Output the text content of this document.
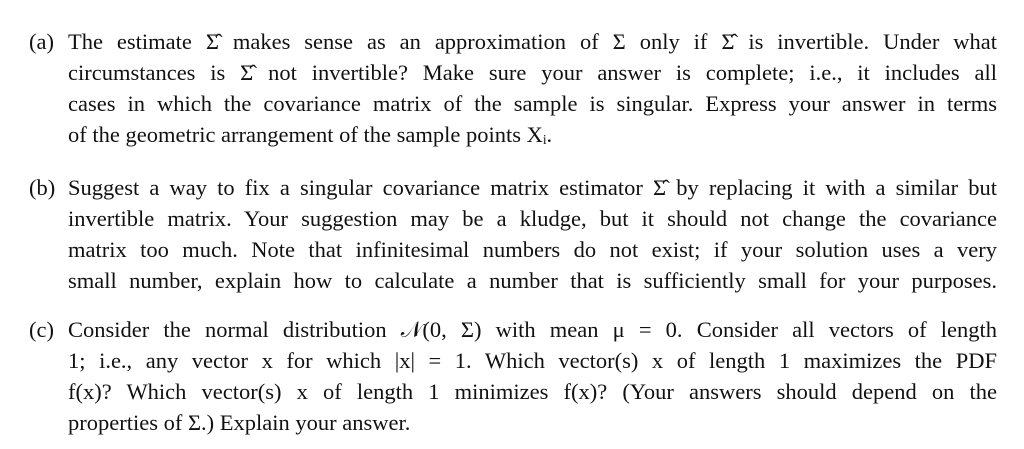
(a) The estimate Σ̂ makes sense as an approximation of Σ only if Σ̂ is invertible. Under what
circumstances is Σ̂ not invertible? Make sure your answer is complete; i.e., it includes all
cases in which the covariance matrix of the sample is singular. Express your answer in terms
of the geometric arrangement of the sample points Xᵢ.
(b) Suggest a way to fix a singular covariance matrix estimator Σ̂ by replacing it with a similar but
invertible matrix. Your suggestion may be a kludge, but it should not change the covariance
matrix too much. Note that infinitesimal numbers do not exist; if your solution uses a very
small number, explain how to calculate a number that is sufficiently small for your purposes.
(c) Consider the normal distribution 𝒩(0, Σ) with mean μ = 0. Consider all vectors of length
1; i.e., any vector x for which |x| = 1. Which vector(s) x of length 1 maximizes the PDF
f(x)? Which vector(s) x of length 1 minimizes f(x)? (Your answers should depend on the
properties of Σ.) Explain your answer.
